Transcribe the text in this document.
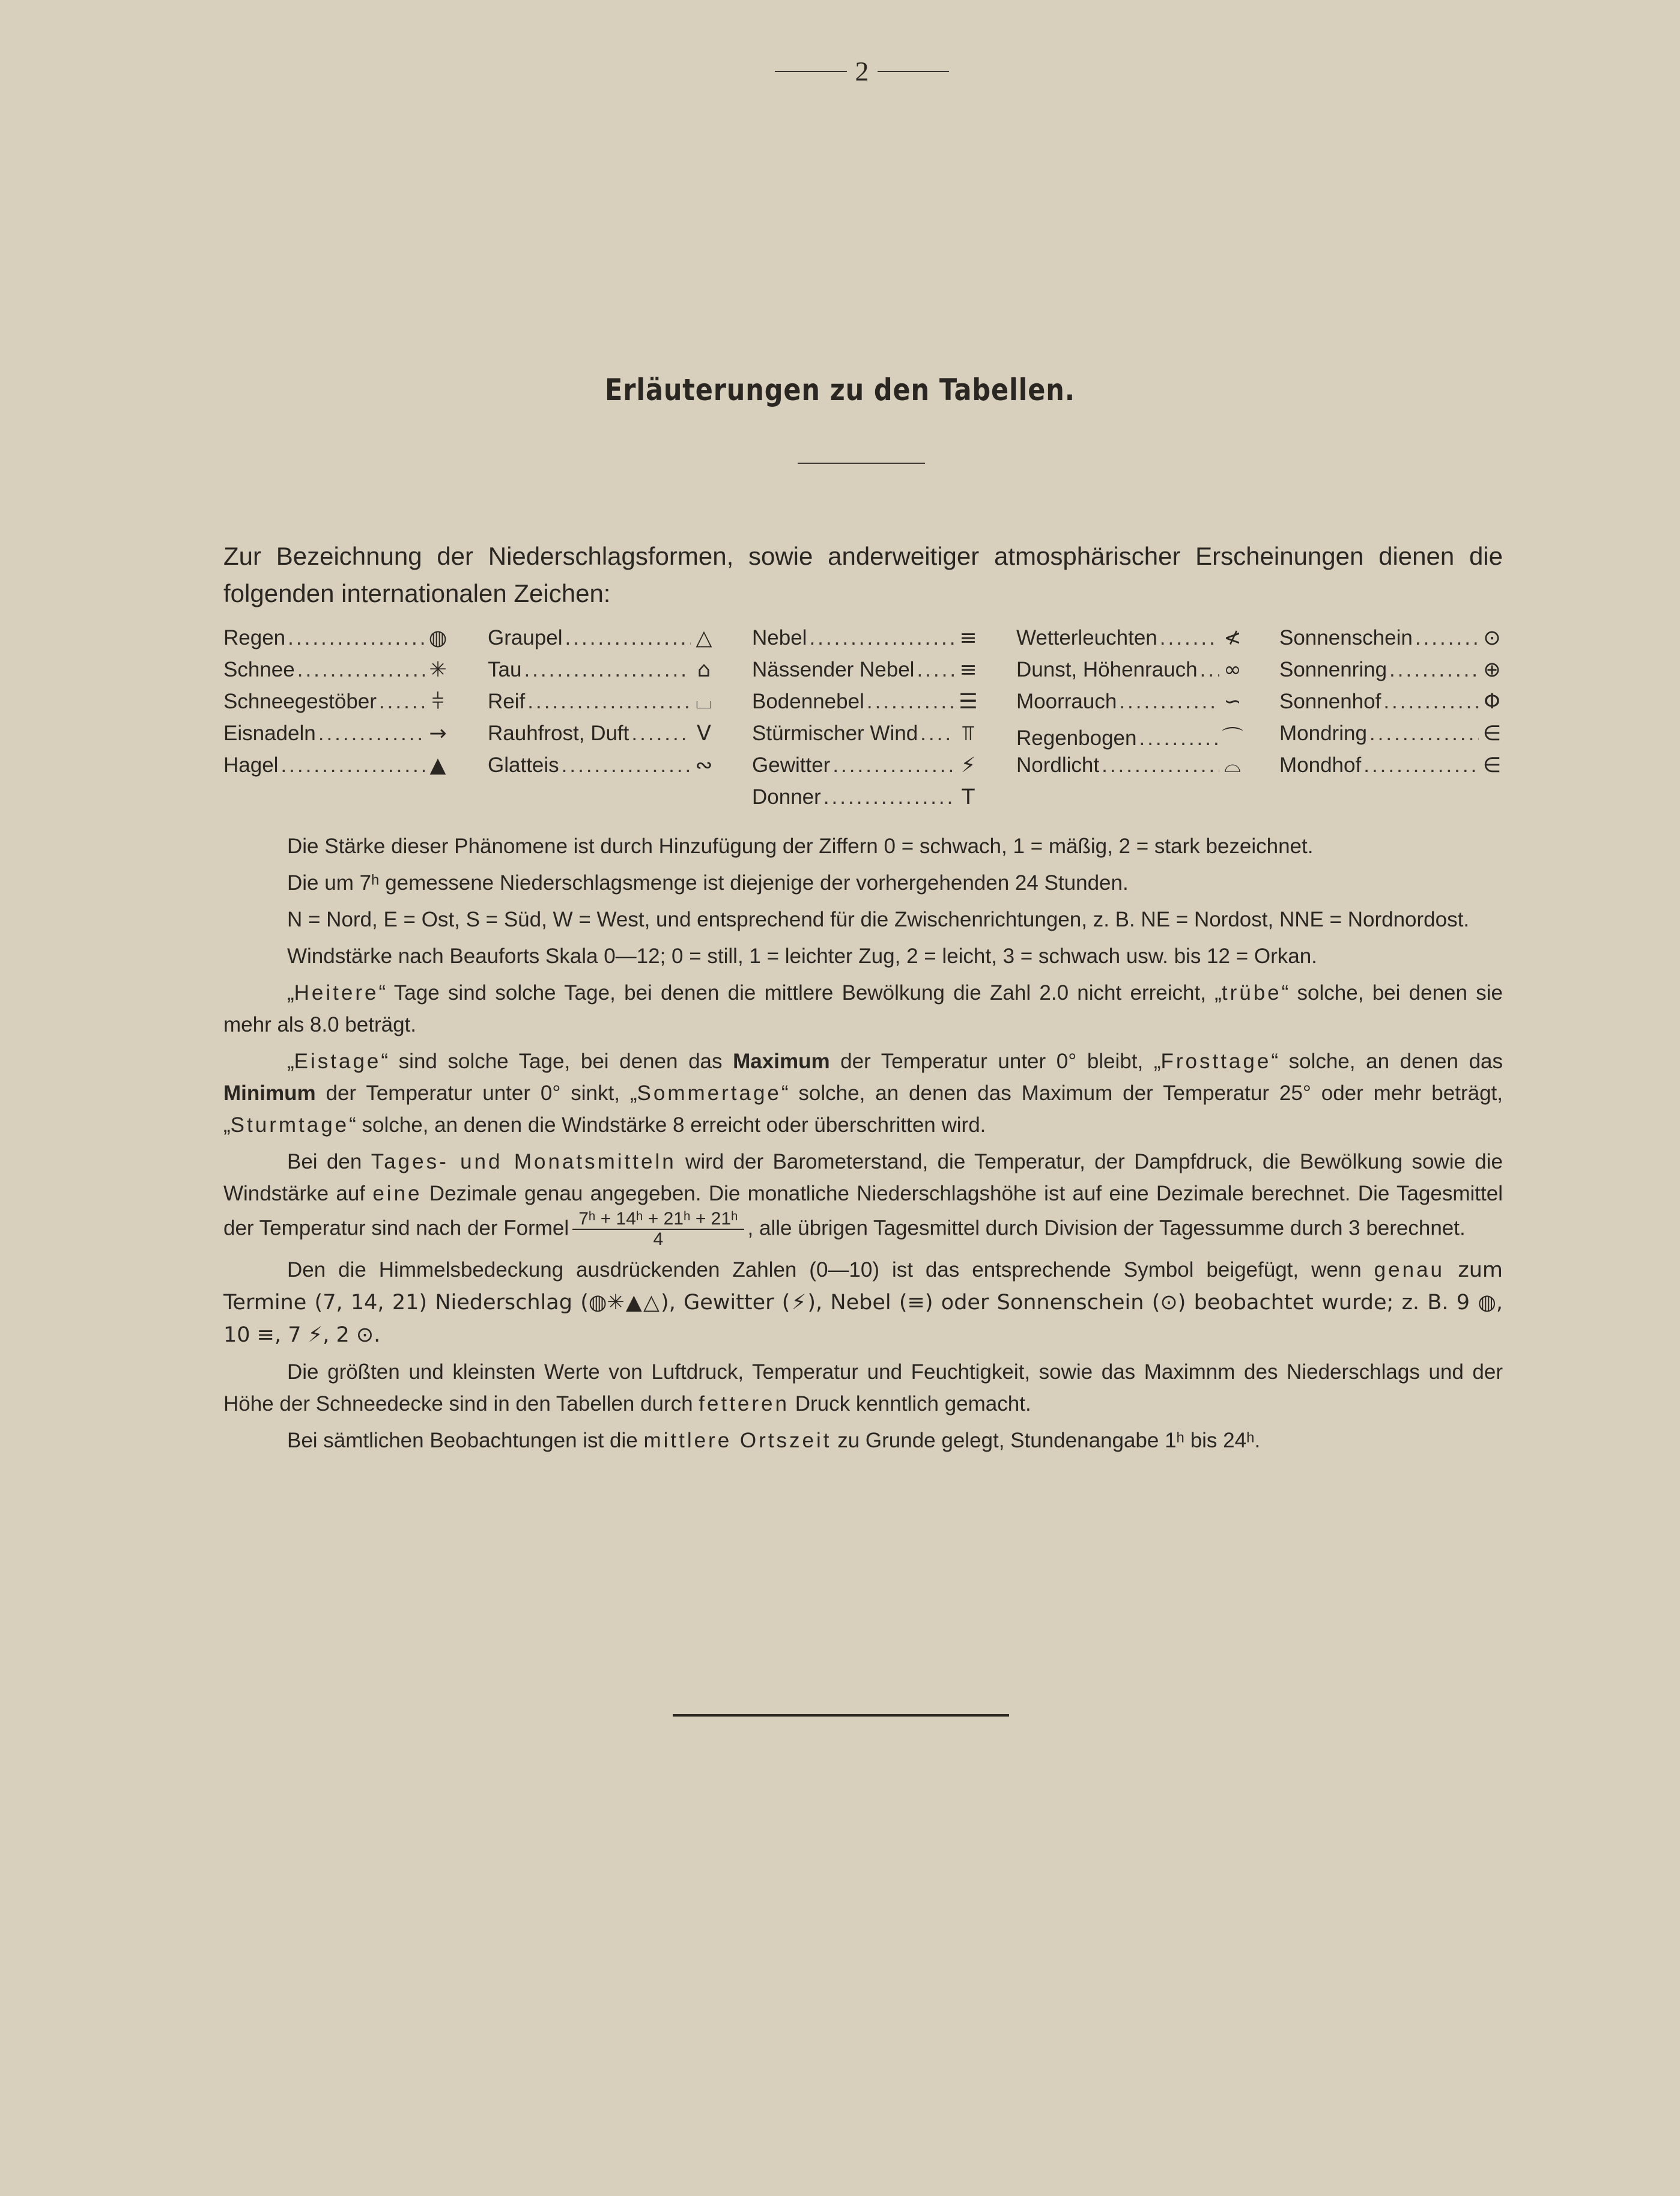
2
Erläuterungen zu den Tabellen.
Zur Bezeichnung der Niederschlagsformen, sowie anderweitiger atmosphärischer Erscheinungen dienen die folgenden internationalen Zeichen:
Regen .....	◍
Schnee .....	✳
Schneegestöber .....	⫩
Eisnadeln .....	→
Hagel .....	▲
Graupel .....	△
Tau .....	⌂
Reif .....	⌴
Rauhfrost, Duft .....	V
Glatteis .....	∾
Nebel .....	≡
Nässender Nebel ..... ≡
Bodennebel .....	☰
Stürmischer Wind ..... ⫪
Gewitter .....	⚡
Donner .....	T
Wetterleuchten .....	≮
Dunst, Höhenrauch ..... ∞
Moorrauch .....	∽
Regenbogen .....	⌒
Nordlicht .....	⌓
Sonnenschein .....	⊙
Sonnenring .....	⊕
Sonnenhof .....	Φ
Mondring .....	∈
Mondhof .....	∈

Die Stärke dieser Phänomene ist durch Hinzufügung der Ziffern 0 = schwach, 1 = mäßig, 2 = stark bezeichnet.

Die um 7ʰ gemessene Niederschlagsmenge ist diejenige der vorhergehenden 24 Stunden.

N = Nord, E = Ost, S = Süd, W = West, und entsprechend für die Zwischenrichtungen, z. B. NE = Nordost, NNE = Nordnordost.

Windstärke nach Beauforts Skala 0—12; 0 = still, 1 = leichter Zug, 2 = leicht, 3 = schwach usw. bis 12 = Orkan.

„Heitere“ Tage sind solche Tage, bei denen die mittlere Bewölkung die Zahl 2.0 nicht erreicht, „trübe“ solche, bei denen sie mehr als 8.0 beträgt.

„Eistage“ sind solche Tage, bei denen das Maximum der Temperatur unter 0° bleibt, „Frosttage“ solche, an denen das Minimum der Temperatur unter 0° sinkt, „Sommertage“ solche, an denen das Maximum der Temperatur 25° oder mehr beträgt, „Sturmtage“ solche, an denen die Windstärke 8 erreicht oder überschritten wird.

Bei den Tages- und Monatsmitteln wird der Barometerstand, die Temperatur, der Dampfdruck, die Bewölkung sowie die Windstärke auf eine Dezimale genau angegeben. Die monatliche Niederschlagshöhe ist auf eine Dezimale berechnet. Die Tagesmittel der Temperatur sind nach der Formel $\frac{\text{7ʰ + 14ʰ + 21ʰ + 21ʰ}}{4}$ , alle übrigen Tagesmittel durch Division der Tagessumme durch 3 berechnet.

Den die Himmelsbedeckung ausdrückenden Zahlen (0—10) ist das entsprechende Symbol beigefügt, wenn genau zum Termine (7, 14, 21) Niederschlag (◍✳▲△), Gewitter (⚡), Nebel (≡) oder Sonnenschein (⊙) beobachtet wurde; z. B. 9 ◍, 10 ≡, 7 ⚡, 2 ⊙.

Die größten und kleinsten Werte von Luftdruck, Temperatur und Feuchtigkeit, sowie das Maximnm des Niederschlags und der Höhe der Schneedecke sind in den Tabellen durch fetteren Druck kenntlich gemacht.

Bei sämtlichen Beobachtungen ist die mittlere Ortszeit zu Grunde gelegt, Stundenangabe 1ʰ bis 24ʰ.
